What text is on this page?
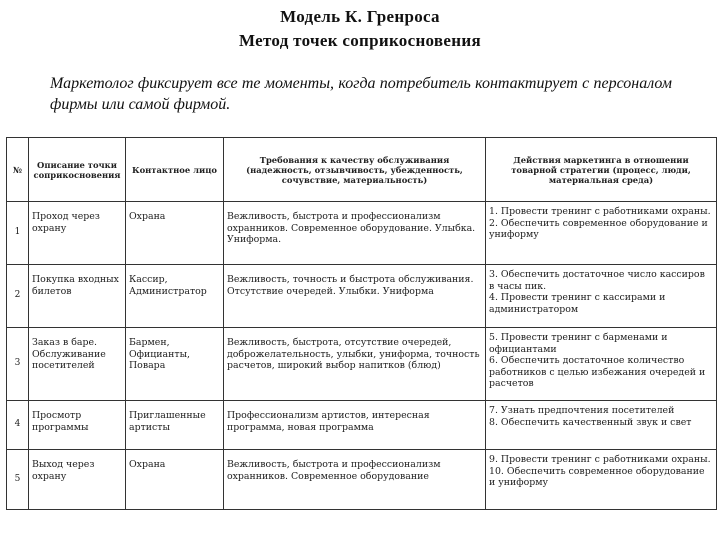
Модель К. Гренроса
Метод точек соприкосновения
Маркетолог фиксирует все те моменты, когда потребитель контактирует с персоналом фирмы или самой фирмой.
№	Описание точки соприкосновения	Контактное лицо	Требования к качеству обслуживания (надежность, отзывчивость, убежденность, сочувствие, материальность)	Действия маркетинга в отношении товарной стратегии (процесс, люди, материальная среда)
1	Проход через охрану	Охрана	Вежливость, быстрота и профессионализм охранников. Современное оборудование. Улыбка. Униформа.	1. Провести тренинг с работниками охраны.
2. Обеспечить современное оборудование и униформу

2	Покупка входных билетов	Кассир, Администратор	Вежливость, точность и быстрота обслуживания. Отсутствие очередей. Улыбки. Униформа	3. Обеспечить достаточное число кассиров в часы пик.
4. Провести тренинг с кассирами и администратором

3	Заказ в баре. Обслуживание посетителей	Бармен, Официанты, Повара	Вежливость, быстрота, отсутствие очередей, доброжелательность, улыбки, униформа, точность расчетов, широкий выбор напитков (блюд)	5. Провести тренинг с барменами и официантами
6. Обеспечить достаточное количество работников с целью избежания очередей и расчетов

4	Просмотр программы	Приглашенные артисты	Профессионализм артистов, интересная программа, новая программа	7. Узнать предпочтения посетителей
8. Обеспечить качественный звук и свет

5	Выход через охрану	Охрана	Вежливость, быстрота и профессионализм охранников. Современное оборудование	9. Провести тренинг с работниками охраны.
10. Обеспечить современное оборудование и униформу
